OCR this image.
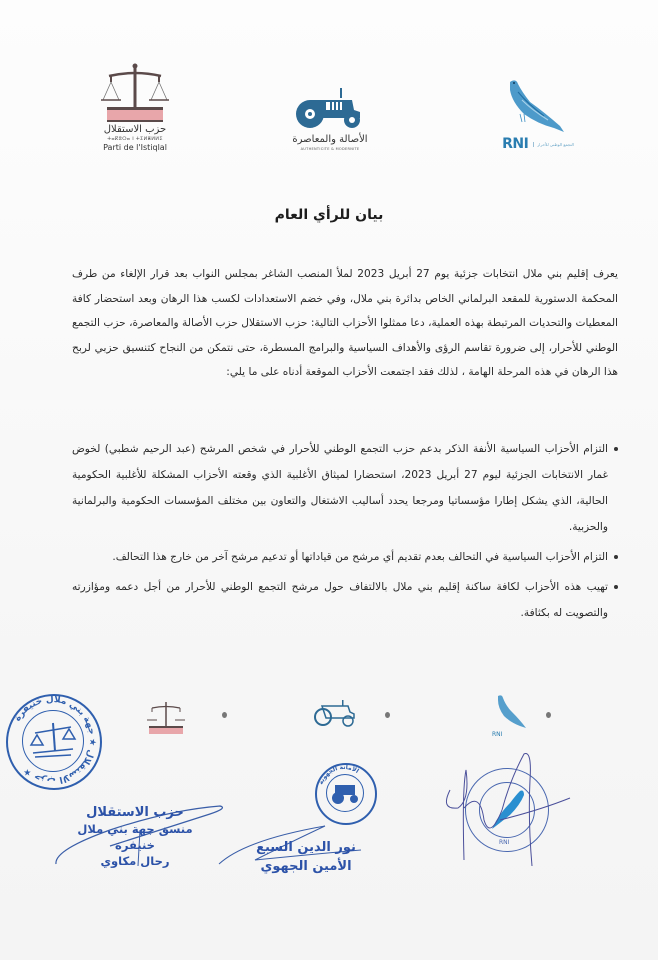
حزب الاستقلال
ⵜⴰⴽⵓⵔⴰ ⵏ ⵜⵉⵍⴻⵍⵍⵉ
Parti de l'Istiqlal
الأصالة والمعاصرة
AUTHENTICITE & MODERNITE	RNI	التجمع الوطني للأحرار
بيان للرأي العام

يعرف إقليم بني ملال انتخابات جزئية يوم 27 أبريل 2023 لملأ المنصب الشاغر بمجلس النواب بعد قرار الإلغاء من طرف المحكمة الدستورية للمقعد البرلماني الخاص بدائرة بني ملال، وفي خضم الاستعدادات لكسب هذا الرهان وبعد استحضار كافة المعطيات والتحديات المرتبطة بهذه العملية، دعا ممثلوا الأحزاب التالية: حزب الاستقلال حزب الأصالة والمعاصرة، حزب التجمع الوطني للأحرار، إلى ضرورة تقاسم الرؤى والأهداف السياسية والبرامج المسطرة، حتى نتمكن من النجاح كتنسيق حزبي لربح هذا الرهان في هذه المرحلة الهامة ، لذلك فقد اجتمعت الأحزاب الموقعة أدناه على ما يلي:

التزام الأحزاب السياسية الأنفة الذكر بدعم حزب التجمع الوطني للأحرار في شخص المرشح (عبد الرحيم شطبي) لخوض غمار الانتخابات الجزئية ليوم 27 أبريل 2023، استحضارا لميثاق الأغلبية الذي وقعته الأحزاب المشكلة للأغلبية الحكومية الحالية، الذي يشكل إطارا مؤسساتيا ومرجعا يحدد أساليب الاشتغال والتعاون بين مختلف المؤسسات الحكومية والبرلمانية والحزبية.
التزام الأحزاب السياسية في التحالف بعدم تقديم أي مرشح من قياداتها أو تدعيم مرشح آخر من خارج هذا التحالف.
تهيب هذه الأحزاب لكافة ساكنة إقليم بني ملال بالالتفاف حول مرشح التجمع الوطني للأحرار من أجل دعمه ومؤازرته والتصويت له بكثافة.
RNI
حزب الاستقلال ★ جهة بني ملال خنيفرة ★
الأمانة الجهوية
RNI
حزب الاستقلال
منسق جهة بني ملال خنيفرة
رحال مكاوي
نور الدين السبع
الأمين الجهوي
